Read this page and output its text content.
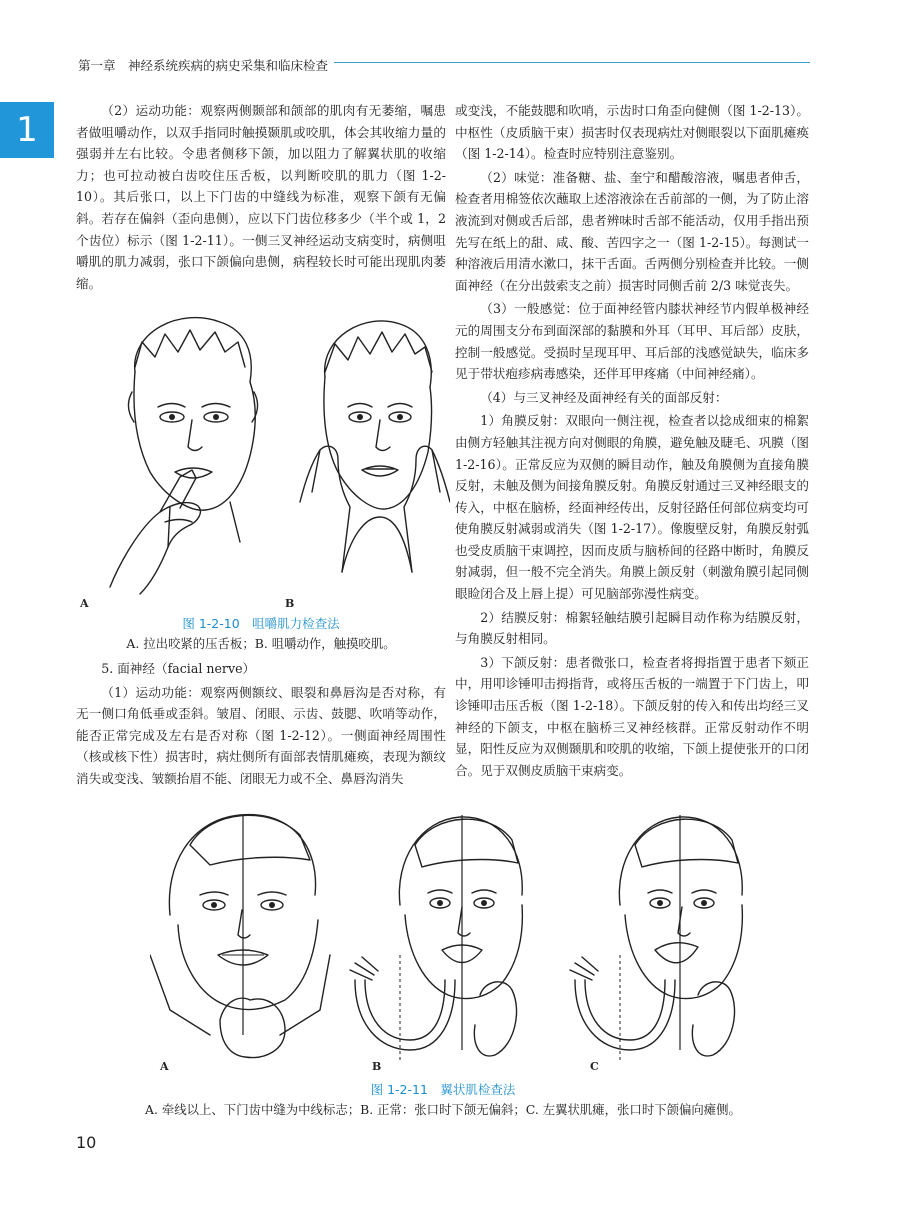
第一章　神经系统疾病的病史采集和临床检查
1	（2）运动功能：观察两侧颞部和颌部的肌肉有无萎缩，嘱患者做咀嚼动作，以双手指同时触摸颞肌或咬肌，体会其收缩力量的强弱并左右比较。令患者侧移下颌，加以阻力了解翼状肌的收缩力；也可拉动被白齿咬住压舌板，以判断咬肌的肌力（图 1-2-10）。其后张口，以上下门齿的中缝线为标准，观察下颌有无偏斜。若存在偏斜（歪向患侧），应以下门齿位移多少（半个或 1，2 个齿位）标示（图 1-2-11）。一侧三叉神经运动支病变时，病侧咀嚼肌的肌力减弱，张口下颌偏向患侧，病程较长时可能出现肌肉萎缩。

A	B
图 1-2-10　咀嚼肌力检查法
A. 拉出咬紧的压舌板；B. 咀嚼动作，触摸咬肌。

5. 面神经（facial nerve）

（1）运动功能：观察两侧额纹、眼裂和鼻唇沟是否对称，有无一侧口角低垂或歪斜。皱眉、闭眼、示齿、鼓腮、吹哨等动作，能否正常完成及左右是否对称（图 1-2-12）。一侧面神经周围性（核或核下性）损害时，病灶侧所有面部表情肌瘫痪，表现为额纹消失或变浅、皱额抬眉不能、闭眼无力或不全、鼻唇沟消失

或变浅，不能鼓腮和吹哨，示齿时口角歪向健侧（图 1-2-13）。中枢性（皮质脑干束）损害时仅表现病灶对侧眼裂以下面肌瘫痪（图 1-2-14）。检查时应特别注意鉴别。

（2）味觉：准备糖、盐、奎宁和醋酸溶液，嘱患者伸舌，检查者用棉签依次蘸取上述溶液涂在舌前部的一侧，为了防止溶液流到对侧或舌后部，患者辨味时舌部不能活动，仅用手指出预先写在纸上的甜、咸、酸、苦四字之一（图 1-2-15）。每测试一种溶液后用清水漱口，抹干舌面。舌两侧分别检查并比较。一侧面神经（在分出鼓索支之前）损害时同侧舌前 2/3 味觉丧失。

（3）一般感觉：位于面神经管内膝状神经节内假单极神经元的周围支分布到面深部的黏膜和外耳（耳甲、耳后部）皮肤，控制一般感觉。受损时呈现耳甲、耳后部的浅感觉缺失，临床多见于带状疱疹病毒感染，还伴耳甲疼痛（中间神经痛）。

（4）与三叉神经及面神经有关的面部反射：

1）角膜反射：双眼向一侧注视，检查者以捻成细束的棉絮由侧方轻触其注视方向对侧眼的角膜，避免触及睫毛、巩膜（图 1-2-16）。正常反应为双侧的瞬目动作，触及角膜侧为直接角膜反射，未触及侧为间接角膜反射。角膜反射通过三叉神经眼支的传入，中枢在脑桥，经面神经传出，反射径路任何部位病变均可使角膜反射减弱或消失（图 1-2-17）。像腹壁反射，角膜反射弧也受皮质脑干束调控，因而皮质与脑桥间的径路中断时，角膜反射减弱，但一般不完全消失。角膜上颌反射（刺激角膜引起同侧眼睑闭合及上唇上提）可见脑部弥漫性病变。

2）结膜反射：棉絮轻触结膜引起瞬目动作称为结膜反射，与角膜反射相同。

3）下颌反射：患者微张口，检查者将拇指置于患者下颏正中，用叩诊锤叩击拇指背，或将压舌板的一端置于下门齿上，叩诊锤叩击压舌板（图 1-2-18）。下颌反射的传入和传出均经三叉神经的下颌支，中枢在脑桥三叉神经核群。正常反射动作不明显，阳性反应为双侧颞肌和咬肌的收缩，下颌上提使张开的口闭合。见于双侧皮质脑干束病变。

A	B	C
图 1-2-11　翼状肌检查法
A. 牵线以上、下门齿中缝为中线标志；B. 正常：张口时下颌无偏斜；C. 左翼状肌瘫，张口时下颌偏向瘫侧。
10
